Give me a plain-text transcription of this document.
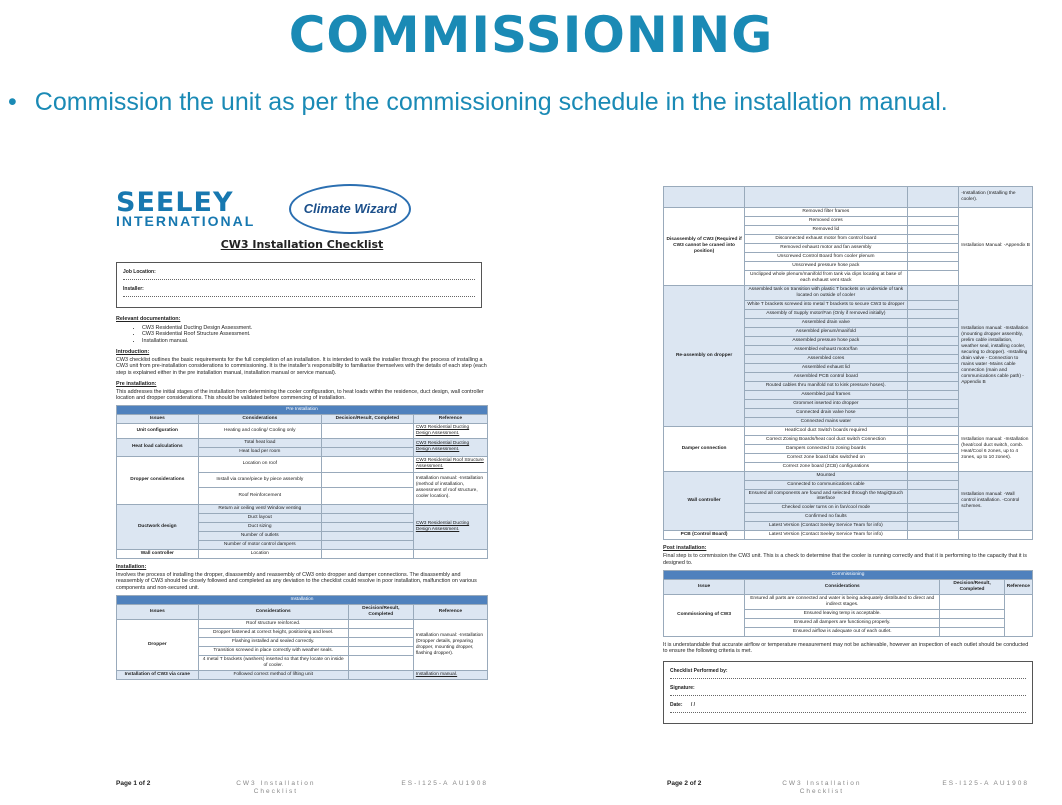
COMMISSIONING
• Commission the unit as per the commissioning schedule in the installation manual.
SEELEY
INTERNATIONAL
Climate Wizard
CW3 Installation Checklist
Job Location:
Installer:
Relevant documentation:
• CW3 Residential Ducting Design Assessment.
• CW3 Residential Roof Structure Assessment.
• Installation manual.
Introduction:

CW3 checklist outlines the basic requirements for the full completion of an installation. It is intended to walk the installer through the process of installing a CW3 unit from pre-installation considerations to commissioning. It is the installer's responsibility to familiarise themselves with the details of each step (each step is explained either in the pre installation manual, installation manual or service manual).

Pre installation:

This addresses the initial stages of the installation from determining the cooler configuration, to heat loads within the residence, duct design, wall controller location and dropper considerations. This should be validated before commencing of installation.

Pre Installation			
Issues	Considerations	Decision/Result, Completed	Reference
Unit configuration	Heating and cooling/ Cooling only		CW3 Residential Ducting Design Assessment.
Heat load calculations	Total heat load		CW3 Residential Ducting Design Assessment.
	Heat load per room		
Dropper considerations	Location on roof		CW3 Residential Roof Structure Assessment.
	Install via crane/piece by piece assembly		Installation manual: -Installation (method of installation, assessment of roof structure, cooler location).
	Roof Reinforcement		
Ductwork design	Return air ceiling vent/ Window venting		CW3 Residential Ducting Design Assessment.
	Duct layout		
	Duct sizing		
	Number of outlets		
	Number of motor control dampers		
Wall controller	Location		
Installation:

Involves the process of installing the dropper, disassembly and reassembly of CW3 onto dropper and damper connections. The disassembly and reassembly of CW3 should be closely followed and completed as any deviation to the checklist could resolve in poor installation, malfunction on various components and non-secured unit.

Installation			
Issues	Considerations	Decision/Result, Completed	Reference
Dropper	Roof structure reinforced.		Installation manual: -Installation (Dropper details, preparing dropper, mounting dropper, flashing dropper).
	Dropper fastened at correct height, positioning and level.		
	Flashing installed and sealed correctly.		
	Transition screwed in place correctly with weather seals.		
	4 metal T brackets (washers) inserted so that they locate on inside of cooler.		
Installation of CW3 via crane	Followed correct method of lifting unit		Installation manual.
Page 1 of 2	CW3 Installation Checklist
ES-I125-A AU1908
			-Installation (Installing the cooler).
Disassembly of CW3 (Required if CW3 cannot be craned into position)	Removed filter frames		Installation Manual: -Appendix B
	Removed cores		
	Removed lid		
	Disconnected exhaust motor from control board		
	Removed exhaust motor and fan assembly		
	Unscrewed Control Board from cooler plenum		
	Unscrewed pressure hose pack		
	Unclipped whole plenum/manifold from tank via clips locating at base of each exhaust vent stack		
Re-assembly on dropper	Assembled tank on transition with plastic T brackets on underside of tank located on outside of cooler		Installation manual: -Installation (mounting dropper assembly, prelim cable installation, weather seal, installing cooler, securing to dropper). -Installing drain valve - Connection to mains water -Mains cable connection (main and communications cable path) -Appendix B
	White T brackets screwed into metal T brackets to secure CW3 to dropper		
	Assembly of Supply motor/Fan (Only if removed initially)		
	Assembled drain valve		
	Assembled plenum/manifold		
	Assembled pressure hose pack		
	Assembled exhaust motor/fan		
	Assembled cores		
	Assembled exhaust lid		
	Assembled PCB control board		
	Routed cables thru manifold not to kink pressure hoses).		
	Assembled pad frames		
	Grommet inserted into dropper		
	Connected drain valve hose		
	Connected mains water		
Damper connection	Heat/Cool duct Switch boards required		Installation manual: -Installation (heat/cool duct switch, comb. Heat/Cool 6 zones, up to 4 zones, up to 10 zones).
	Correct Zoning Boards/heat cool duct switch Connection		
	Dampers connected to zoning boards		
	Correct zone board tabs switched on		
	Correct zone board (ZCB) configurations		
Wall controller	Mounted		Installation manual: -Wall control installation. -Control schemes.
	Connected to communications cable		
	Ensured all components are found and selected through the MagiQtouch interface		
	Checked cooler turns on in fan/cool mode		
	Confirmed no faults		
	Latest Version (Contact Seeley Service Team for info)		
PCB (Control Board)	Latest Version (Contact Seeley Service Team for info)		
Post installation:

Final step is to commission the CW3 unit. This is a check to determine that the cooler is running correctly and that it is performing to the capacity that it is designed to.

Commissioning			
Issue	Considerations	Decision/Result, Completed	Reference
Commissioning of CW3	Ensured all parts are connected and water is being adequately distributed to direct and indirect stages.		
	Ensured leaving temp is acceptable.		
	Ensured all dampers are functioning properly.		
	Ensured airflow is adequate out of each outlet.		

It is understandable that accurate airflow or temperature measurement may not be achievable, however an inspection of each outlet should be conducted to ensure the following criteria is met.

Checklist Performed by:
Signature:
Date: / /
Page 2 of 2	CW3 Installation Checklist
ES-I125-A AU1908
